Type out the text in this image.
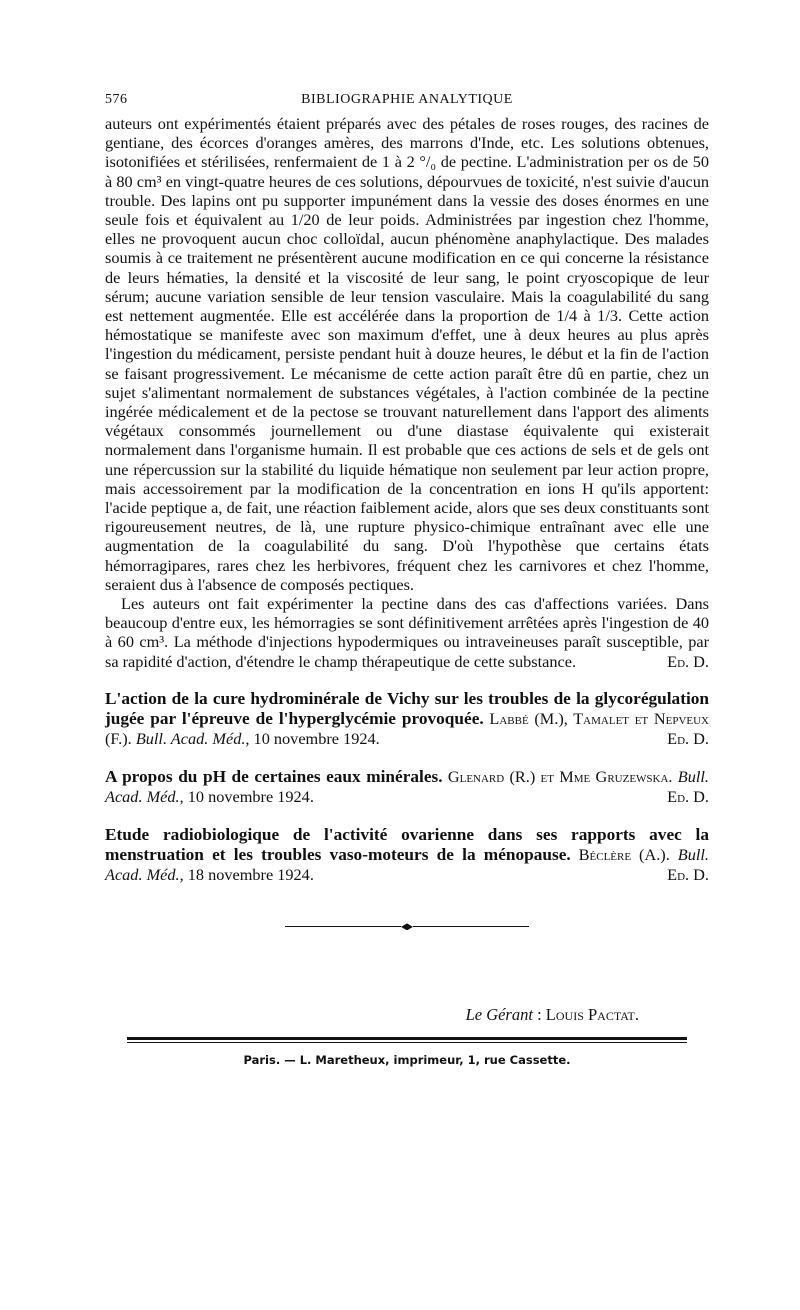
576	BIBLIOGRAPHIE ANALYTIQUE

auteurs ont expérimentés étaient préparés avec des pétales de roses rouges, des racines de gentiane, des écorces d'oranges amères, des marrons d'Inde, etc. Les solutions obtenues, isotonifiées et stérilisées, renfermaient de 1 à 2 °/₀ de pectine. L'administration per os de 50 à 80 cm³ en vingt-quatre heures de ces solutions, dépourvues de toxicité, n'est suivie d'aucun trouble. Des lapins ont pu supporter impunément dans la vessie des doses énormes en une seule fois et équivalent au 1/20 de leur poids. Administrées par ingestion chez l'homme, elles ne provoquent aucun choc colloïdal, aucun phénomène anaphylactique. Des malades soumis à ce traitement ne présentèrent aucune modification en ce qui concerne la résistance de leurs hématies, la densité et la viscosité de leur sang, le point cryoscopique de leur sérum; aucune variation sensible de leur tension vasculaire. Mais la coagulabilité du sang est nettement augmentée. Elle est accélérée dans la proportion de 1/4 à 1/3. Cette action hémostatique se manifeste avec son maximum d'effet, une à deux heures au plus après l'ingestion du médicament, persiste pendant huit à douze heures, le début et la fin de l'action se faisant progressivement. Le mécanisme de cette action paraît être dû en partie, chez un sujet s'alimentant normalement de substances végétales, à l'action combinée de la pectine ingérée médicalement et de la pectose se trouvant naturellement dans l'apport des aliments végétaux consommés journellement ou d'une diastase équivalente qui existerait normalement dans l'organisme humain. Il est probable que ces actions de sels et de gels ont une répercussion sur la stabilité du liquide hématique non seulement par leur action propre, mais accessoirement par la modification de la concentration en ions H qu'ils apportent: l'acide peptique a, de fait, une réaction faiblement acide, alors que ses deux constituants sont rigoureusement neutres, de là, une rupture physico-chimique entraînant avec elle une augmentation de la coagulabilité du sang. D'où l'hypothèse que certains états hémorragipares, rares chez les herbivores, fréquent chez les carnivores et chez l'homme, seraient dus à l'absence de composés pectiques.

Les auteurs ont fait expérimenter la pectine dans des cas d'affections variées. Dans beaucoup d'entre eux, les hémorragies se sont définitivement arrêtées après l'ingestion de 40 à 60 cm³. La méthode d'injections hypodermiques ou intraveineuses paraît susceptible, par sa rapidité d'action, d'étendre le champ thérapeutique de cette substance.	Ed. D.

L'action de la cure hydrominérale de Vichy sur les troubles de la glycorégulation jugée par l'épreuve de l'hyperglycémie provoquée. Labbé (M.), Tamalet et Nepveux (F.). Bull. Acad. Méd., 10 novembre 1924.	Ed. D.
A propos du pH de certaines eaux minérales. Glenard (R.) et Mme Gruzewska. Bull. Acad. Méd., 10 novembre 1924.	Ed. D.
Etude radiobiologique de l'activité ovarienne dans ses rapports avec la menstruation et les troubles vaso-moteurs de la ménopause. Béclère (A.). Bull. Acad. Méd., 18 novembre 1924.	Ed. D.
Le Gérant : Louis Pactat.
Paris. — L. Maretheux, imprimeur, 1, rue Cassette.
